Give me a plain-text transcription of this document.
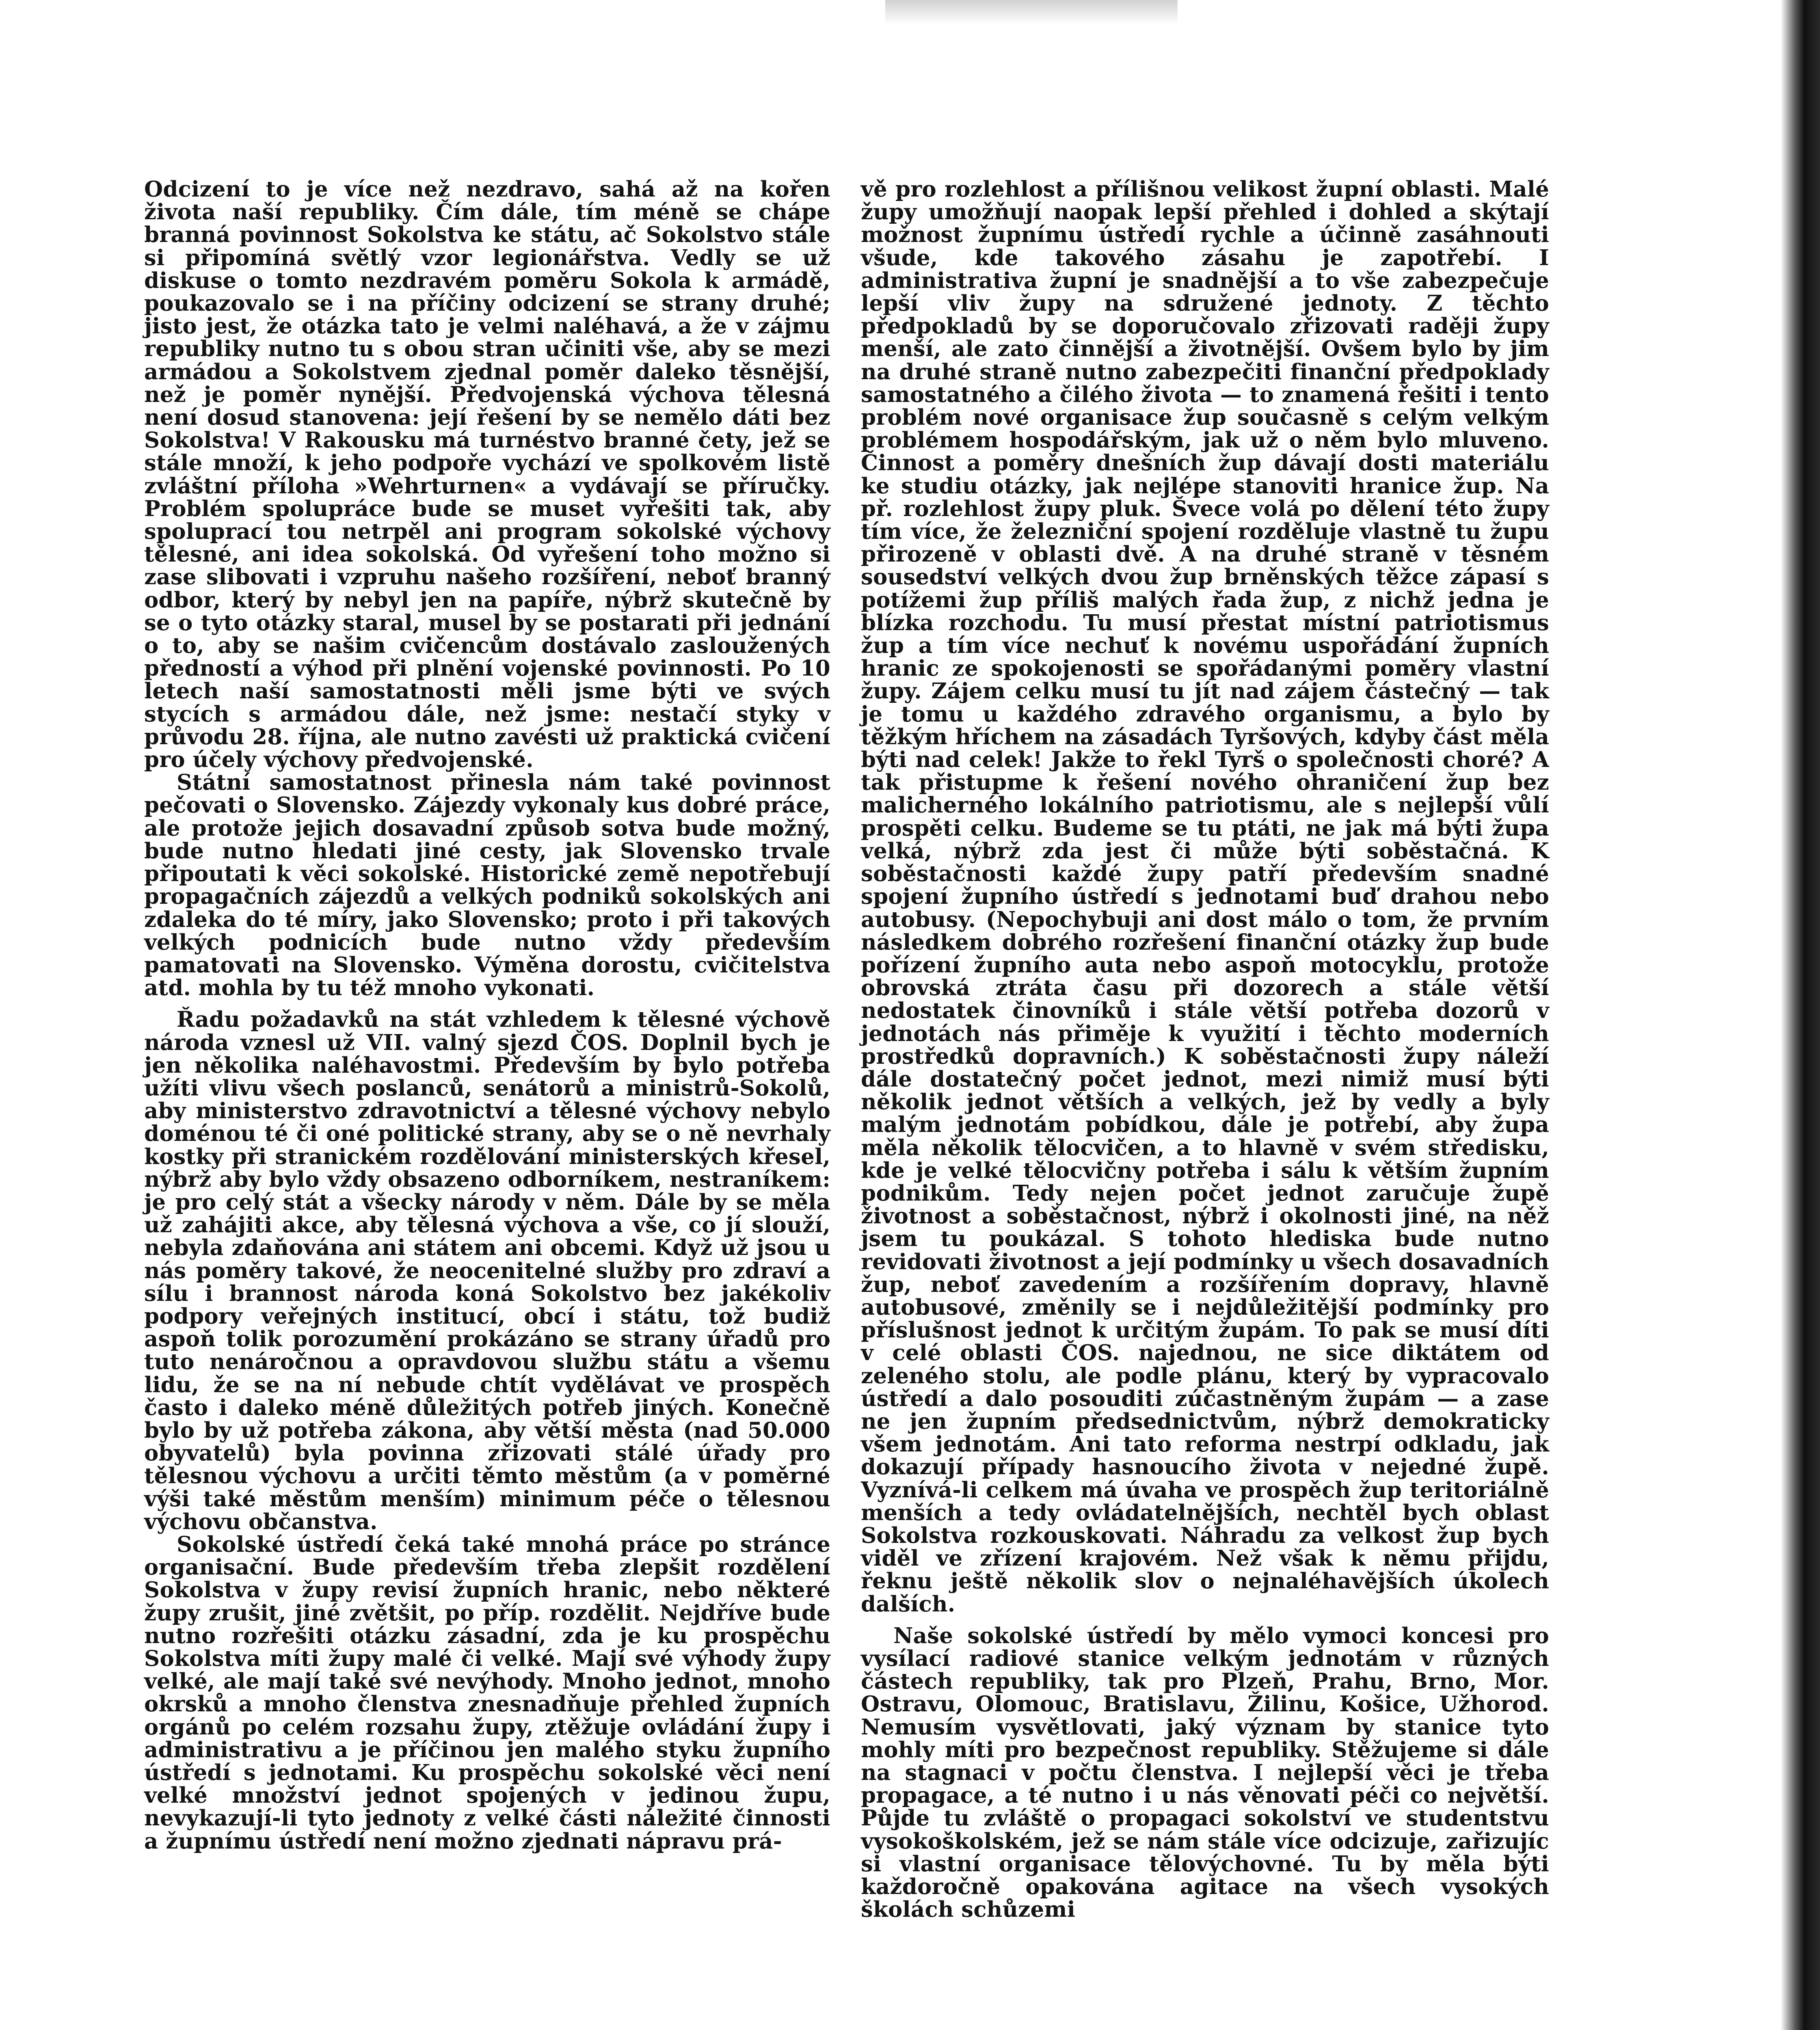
Odcizení to je více než nezdravo, sahá až na kořen života naší republiky. Čím dále, tím méně se chápe branná povinnost Sokolstva ke státu, ač Sokolstvo stále si připomíná světlý vzor legionářstva. Vedly se už diskuse o tomto nezdravém poměru Sokola k armádě, poukazovalo se i na příčiny odcizení se strany druhé; jisto jest, že otázka tato je velmi naléhavá, a že v zájmu republiky nutno tu s obou stran učiniti vše, aby se mezi armádou a Sokolstvem zjednal poměr daleko těsnější, než je poměr nynější. Předvojenská výchova tělesná není dosud stanovena: její řešení by se nemělo dáti bez Sokolstva! V Rakousku má turnéstvo branné čety, jež se stále množí, k jeho podpoře vychází ve spolkovém listě zvláštní příloha »Wehrturnen« a vydávají se příručky. Problém spolupráce bude se muset vyřešiti tak, aby spoluprací tou netrpěl ani program sokolské výchovy tělesné, ani idea sokolská. Od vyřešení toho možno si zase slibovati i vzpruhu našeho rozšíření, neboť branný odbor, který by nebyl jen na papíře, nýbrž skutečně by se o tyto otázky staral, musel by se postarati při jednání o to, aby se našim cvičencům dostávalo zasloužených předností a výhod při plnění vojenské povinnosti. Po 10 letech naší samostatnosti měli jsme býti ve svých stycích s armádou dále, než jsme: nestačí styky v průvodu 28. října, ale nutno zavésti už praktická cvičení pro účely výchovy předvojenské.

Státní samostatnost přinesla nám také povinnost pečovati o Slovensko. Zájezdy vykonaly kus dobré práce, ale protože jejich dosavadní způsob sotva bude možný, bude nutno hledati jiné cesty, jak Slovensko trvale připoutati k věci sokolské. Historické země nepotřebují propagačních zájezdů a velkých podniků sokolských ani zdaleka do té míry, jako Slovensko; proto i při takových velkých podnicích bude nutno vždy především pamatovati na Slovensko. Výměna dorostu, cvičitelstva atd. mohla by tu též mnoho vykonati.

Řadu požadavků na stát vzhledem k tělesné výchově národa vznesl už VII. valný sjezd ČOS. Doplnil bych je jen několika naléhavostmi. Především by bylo potřeba užíti vlivu všech poslanců, senátorů a ministrů-Sokolů, aby ministerstvo zdravotnictví a tělesné výchovy nebylo doménou té či oné politické strany, aby se o ně nevrhaly kostky při stranickém rozdělování ministerských křesel, nýbrž aby bylo vždy obsazeno odborníkem, nestraníkem: je pro celý stát a všecky národy v něm. Dále by se měla už zahájiti akce, aby tělesná výchova a vše, co jí slouží, nebyla zdaňována ani státem ani obcemi. Když už jsou u nás poměry takové, že neocenitelné služby pro zdraví a sílu i brannost národa koná Sokolstvo bez jakékoliv podpory veřejných institucí, obcí i státu, tož budiž aspoň tolik porozumění prokázáno se strany úřadů pro tuto nenáročnou a opravdovou službu státu a všemu lidu, že se na ní nebude chtít vydělávat ve prospěch často i daleko méně důležitých potřeb jiných. Konečně bylo by už potřeba zákona, aby větší města (nad 50.000 obyvatelů) byla povinna zřizovati stálé úřady pro tělesnou výchovu a určiti těmto městům (a v poměrné výši také městům menším) minimum péče o tělesnou výchovu občanstva.

Sokolské ústředí čeká také mnohá práce po stránce organisační. Bude především třeba zlepšit rozdělení Sokolstva v župy revisí župních hranic, nebo některé župy zrušit, jiné zvětšit, po příp. rozdělit. Nejdříve bude nutno rozřešiti otázku zásadní, zda je ku prospěchu Sokolstva míti župy malé či velké. Mají své výhody župy velké, ale mají také své nevýhody. Mnoho jednot, mnoho okrsků a mnoho členstva znesnadňuje přehled župních orgánů po celém rozsahu župy, ztěžuje ovládání župy i administrativu a je příčinou jen malého styku župního ústředí s jednotami. Ku prospěchu sokolské věci není velké množství jednot spojených v jedinou župu, nevykazují-li tyto jednoty z velké části náležité činnosti a župnímu ústředí není možno zjednati nápravu prá-

vě pro rozlehlost a přílišnou velikost župní oblasti. Malé župy umožňují naopak lepší přehled i dohled a skýtají možnost župnímu ústředí rychle a účinně zasáhnouti všude, kde takového zásahu je zapotřebí. I administrativa župní je snadnější a to vše zabezpečuje lepší vliv župy na sdružené jednoty. Z těchto předpokladů by se doporučovalo zřizovati raději župy menší, ale zato činnější a životnější. Ovšem bylo by jim na druhé straně nutno zabezpečiti finanční předpoklady samostatného a čilého života — to znamená řešiti i tento problém nové organisace žup současně s celým velkým problémem hospodářským, jak už o něm bylo mluveno. Činnost a poměry dnešních žup dávají dosti materiálu ke studiu otázky, jak nejlépe stanoviti hranice žup. Na př. rozlehlost župy pluk. Švece volá po dělení této župy tím více, že železniční spojení rozděluje vlastně tu župu přirozeně v oblasti dvě. A na druhé straně v těsném sousedství velkých dvou žup brněnských těžce zápasí s potížemi žup příliš malých řada žup, z nichž jedna je blízka rozchodu. Tu musí přestat místní patriotismus žup a tím více nechuť k novému uspořádání župních hranic ze spokojenosti se spořádanými poměry vlastní župy. Zájem celku musí tu jít nad zájem částečný — tak je tomu u každého zdravého organismu, a bylo by těžkým hříchem na zásadách Tyršových, kdyby část měla býti nad celek! Jakže to řekl Tyrš o společnosti choré? A tak přistupme k řešení nového ohraničení žup bez malicherného lokálního patriotismu, ale s nejlepší vůlí prospěti celku. Budeme se tu ptáti, ne jak má býti župa velká, nýbrž zda jest či může býti soběstačná. K soběstačnosti každé župy patří především snadné spojení župního ústředí s jednotami buď drahou nebo autobusy. (Nepochybuji ani dost málo o tom, že prvním následkem dobrého rozřešení finanční otázky žup bude pořízení župního auta nebo aspoň motocyklu, protože obrovská ztráta času při dozorech a stále větší nedostatek činovníků i stále větší potřeba dozorů v jednotách nás přiměje k využití i těchto moderních prostředků dopravních.) K soběstačnosti župy náleží dále dostatečný počet jednot, mezi nimiž musí býti několik jednot větších a velkých, jež by vedly a byly malým jednotám pobídkou, dále je potřebí, aby župa měla několik tělocvičen, a to hlavně v svém středisku, kde je velké tělocvičny potřeba i sálu k větším župním podnikům. Tedy nejen počet jednot zaručuje župě životnost a soběstačnost, nýbrž i okolnosti jiné, na něž jsem tu poukázal. S tohoto hlediska bude nutno revidovati životnost a její podmínky u všech dosavadních žup, neboť zavedením a rozšířením dopravy, hlavně autobusové, změnily se i nejdůležitější podmínky pro příslušnost jednot k určitým župám. To pak se musí díti v celé oblasti ČOS. najednou, ne sice diktátem od zeleného stolu, ale podle plánu, který by vypracovalo ústředí a dalo posouditi zúčastněným župám — a zase ne jen župním předsednictvům, nýbrž demokraticky všem jednotám. Ani tato reforma nestrpí odkladu, jak dokazují případy hasnoucího života v nejedné župě. Vyznívá-li celkem má úvaha ve prospěch žup teritoriálně menších a tedy ovládatelnějších, nechtěl bych oblast Sokolstva rozkouskovati. Náhradu za velkost žup bych viděl ve zřízení krajovém. Než však k němu přijdu, řeknu ještě několik slov o nejnaléhavějších úkolech dalších.

Naše sokolské ústředí by mělo vymoci koncesi pro vysílací radiové stanice velkým jednotám v různých částech republiky, tak pro Plzeň, Prahu, Brno, Mor. Ostravu, Olomouc, Bratislavu, Žilinu, Košice, Užhorod. Nemusím vysvětlovati, jaký význam by stanice tyto mohly míti pro bezpečnost republiky. Stěžujeme si dále na stagnaci v počtu členstva. I nejlepší věci je třeba propagace, a té nutno i u nás věnovati péči co největší. Půjde tu zvláště o propagaci sokolství ve studentstvu vysokoškolském, jež se nám stále více odcizuje, zařizujíc si vlastní organisace tělovýchovné. Tu by měla býti každoročně opakována agitace na všech vysokých školách schůzemi
